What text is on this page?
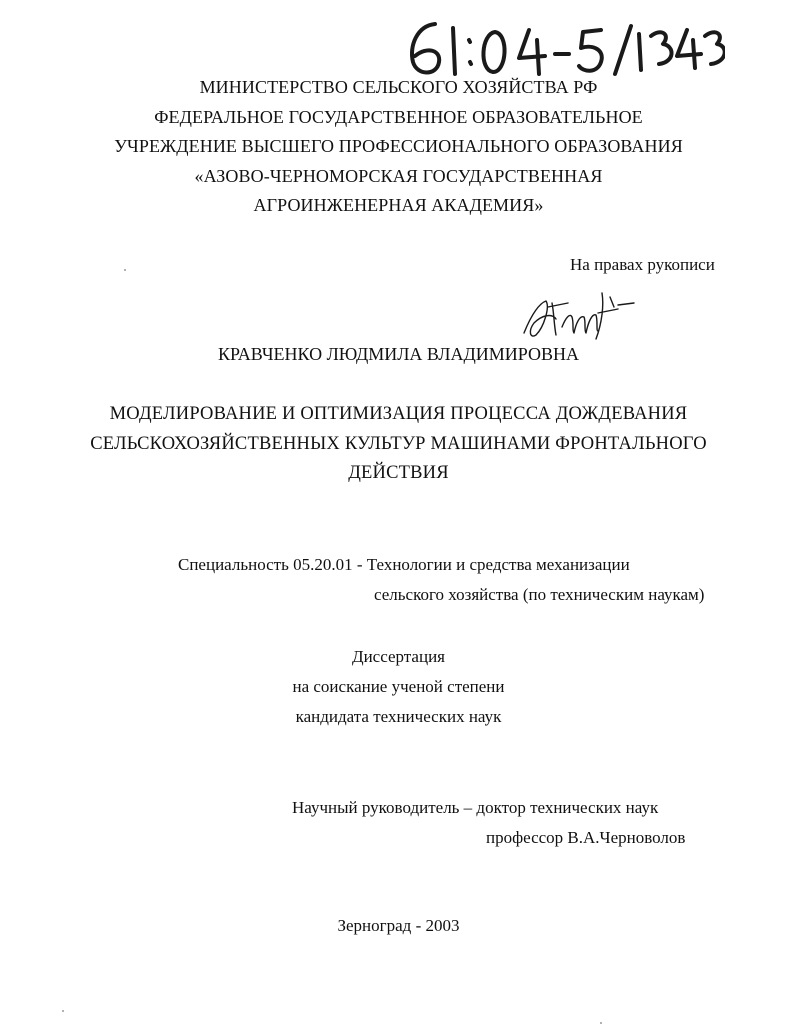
МИНИСТЕРСТВО СЕЛЬСКОГО ХОЗЯЙСТВА РФ
ФЕДЕРАЛЬНОЕ ГОСУДАРСТВЕННОЕ ОБРАЗОВАТЕЛЬНОЕ
УЧРЕЖДЕНИЕ ВЫСШЕГО ПРОФЕССИОНАЛЬНОГО ОБРАЗОВАНИЯ
«АЗОВО-ЧЕРНОМОРСКАЯ ГОСУДАРСТВЕННАЯ
АГРОИНЖЕНЕРНАЯ АКАДЕМИЯ»
На правах рукописи
КРАВЧЕНКО ЛЮДМИЛА ВЛАДИМИРОВНА
МОДЕЛИРОВАНИЕ И ОПТИМИЗАЦИЯ ПРОЦЕССА ДОЖДЕВАНИЯ
СЕЛЬСКОХОЗЯЙСТВЕННЫХ КУЛЬТУР МАШИНАМИ ФРОНТАЛЬНОГО
ДЕЙСТВИЯ
Специальность 05.20.01 - Технологии и средства механизации
сельского хозяйства (по техническим наукам)
Диссертация
на соискание ученой степени
кандидата технических наук
Научный руководитель – доктор технических наук
профессор В.А.Черноволов
Зерноград - 2003
